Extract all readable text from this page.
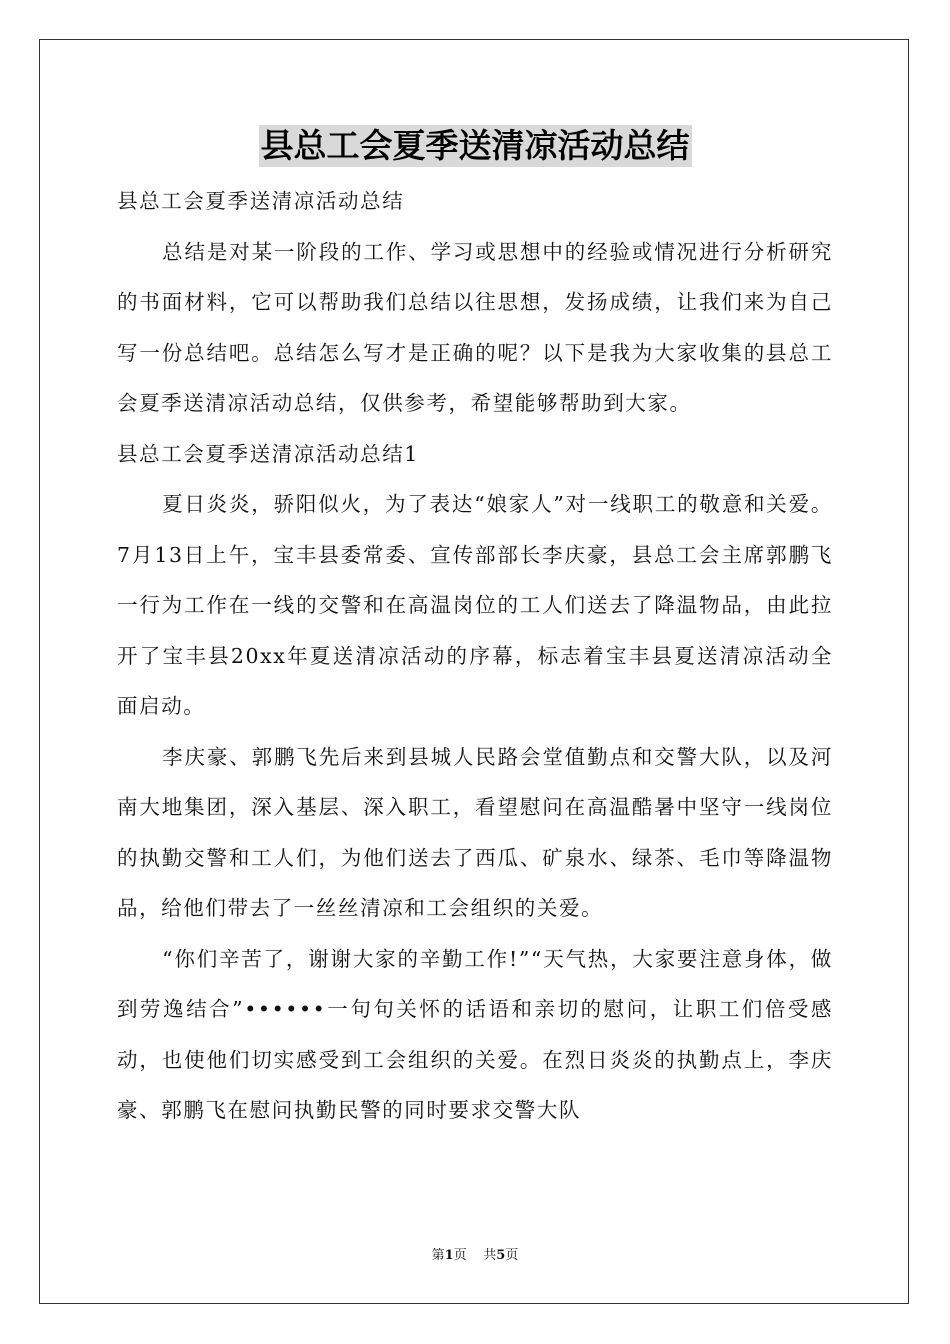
县总工会夏季送清凉活动总结

县总工会夏季送清凉活动总结

总结是对某一阶段的工作、学习或思想中的经验或情况进行分析研究的书面材料，它可以帮助我们总结以往思想，发扬成绩，让我们来为自己写一份总结吧。总结怎么写才是正确的呢？以下是我为大家收集的县总工会夏季送清凉活动总结，仅供参考，希望能够帮助到大家。

县总工会夏季送清凉活动总结1

夏日炎炎，骄阳似火，为了表达“娘家人”对一线职工的敬意和关爱。7月13日上午，宝丰县委常委、宣传部部长李庆豪，县总工会主席郭鹏飞一行为工作在一线的交警和在高温岗位的工人们送去了降温物品，由此拉开了宝丰县20xx年夏送清凉活动的序幕，标志着宝丰县夏送清凉活动全面启动。

李庆豪、郭鹏飞先后来到县城人民路会堂值勤点和交警大队，以及河南大地集团，深入基层、深入职工，看望慰问在高温酷暑中坚守一线岗位的执勤交警和工人们，为他们送去了西瓜、矿泉水、绿茶、毛巾等降温物品，给他们带去了一丝丝清凉和工会组织的关爱。

“你们辛苦了，谢谢大家的辛勤工作!”“天气热，大家要注意身体，做到劳逸结合”••••••一句句关怀的话语和亲切的慰问，让职工们倍受感动，也使他们切实感受到工会组织的关爱。在烈日炎炎的执勤点上，李庆豪、郭鹏飞在慰问执勤民警的同时要求交警大队

第1页 共5页
